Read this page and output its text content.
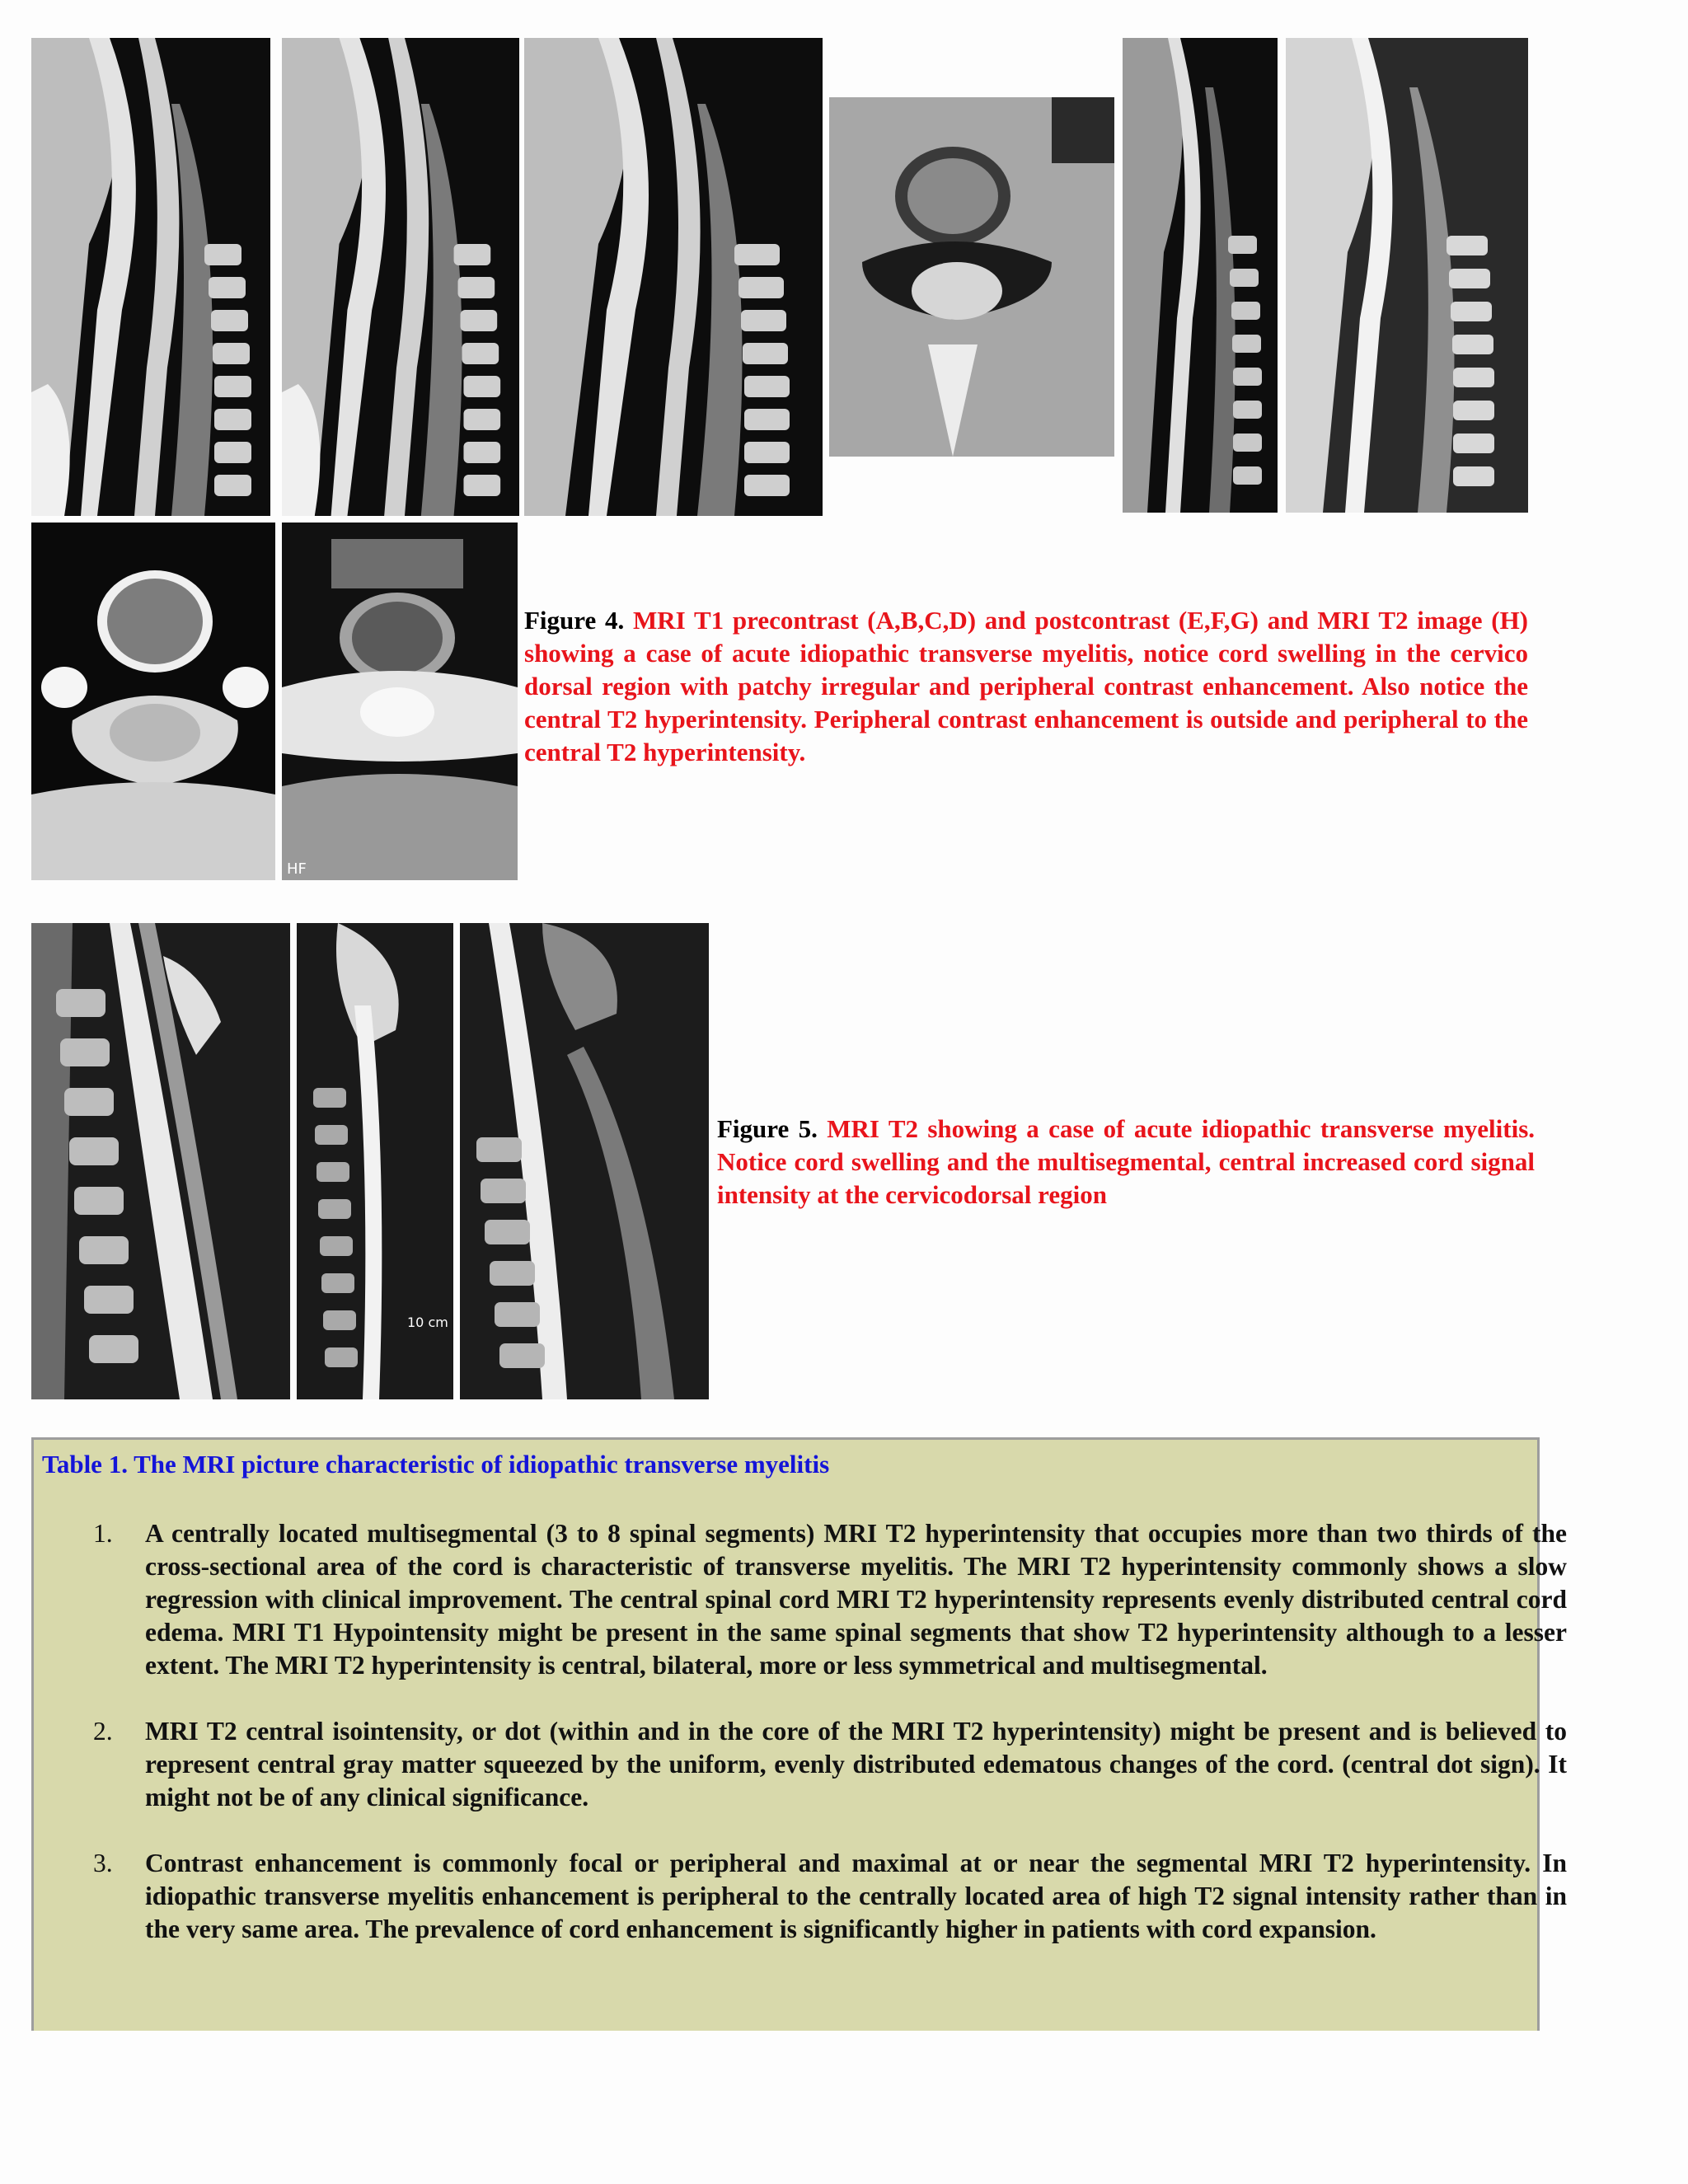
HF
Figure 4. MRI T1 precontrast (A,B,C,D) and postcontrast (E,F,G) and MRI T2 image (H) showing a case of acute idiopathic transverse myelitis, notice cord swelling in the cervico dorsal region with patchy irregular and peripheral contrast enhancement. Also notice the central T2 hyperintensity. Peripheral contrast enhancement is outside and peripheral to the central T2 hyperintensity.
10 cm
Figure 5. MRI T2 showing a case of acute idiopathic transverse myelitis. Notice cord swelling and the multisegmental, central increased cord signal intensity at the cervicodorsal region
Table 1. The MRI picture characteristic of idiopathic transverse myelitis
1. A centrally located multisegmental (3 to 8 spinal segments) MRI T2 hyperintensity that occupies more than two thirds of the cross-sectional area of the cord is characteristic of transverse myelitis. The MRI T2 hyperintensity commonly shows a slow regression with clinical improvement. The central spinal cord MRI T2 hyperintensity represents evenly distributed central cord edema. MRI T1 Hypointensity might be present in the same spinal segments that show T2 hyperintensity although to a lesser extent. The MRI T2 hyperintensity is central, bilateral, more or less symmetrical and multisegmental.
2. MRI T2 central isointensity, or dot (within and in the core of the MRI T2 hyperintensity) might be present and is believed to represent central gray matter squeezed by the uniform, evenly distributed edematous changes of the cord. (central dot sign). It might not be of any clinical significance.
3. Contrast enhancement is commonly focal or peripheral and maximal at or near the segmental MRI T2 hyperintensity. In idiopathic transverse myelitis enhancement is peripheral to the centrally located area of high T2 signal intensity rather than in the very same area. The prevalence of cord enhancement is significantly higher in patients with cord expansion.
